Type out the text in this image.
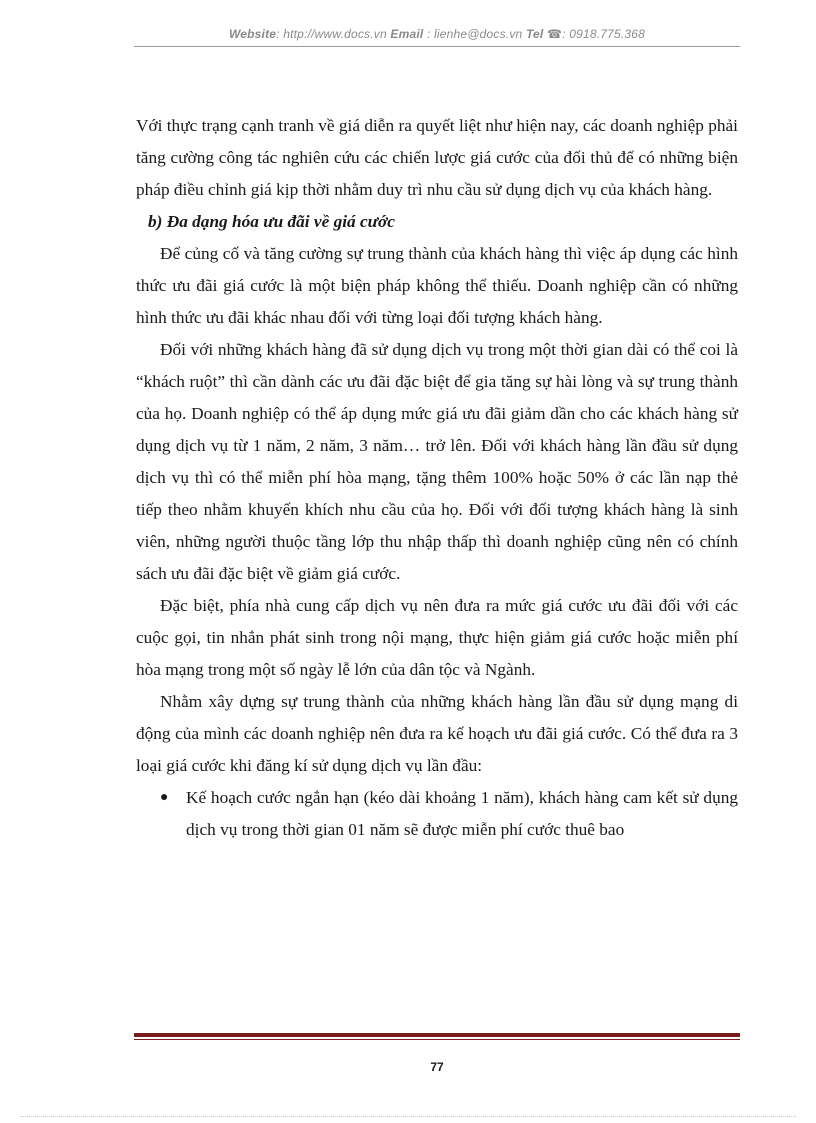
Website: http://www.docs.vn Email : lienhe@docs.vn Tel ☎: 0918.775.368

Với thực trạng cạnh tranh về giá diễn ra quyết liệt như hiện nay, các doanh nghiệp phải tăng cường công tác nghiên cứu các chiến lược giá cước của đối thủ để có những biện pháp điều chỉnh giá kịp thời nhằm duy trì nhu cầu sử dụng dịch vụ của khách hàng.

b) Đa dạng hóa ưu đãi về giá cước

Để củng cố và tăng cường sự trung thành của khách hàng thì việc áp dụng các hình thức ưu đãi giá cước là một biện pháp không thể thiếu. Doanh nghiệp cần có những hình thức ưu đãi khác nhau đối với từng loại đối tượng khách hàng.

Đối với những khách hàng đã sử dụng dịch vụ trong một thời gian dài có thể coi là “khách ruột” thì cần dành các ưu đãi đặc biệt để gia tăng sự hài lòng và sự trung thành của họ. Doanh nghiệp có thể áp dụng mức giá ưu đãi giảm dần cho các khách hàng sử dụng dịch vụ từ 1 năm, 2 năm, 3 năm… trở lên. Đối với khách hàng lần đầu sử dụng dịch vụ thì có thể miễn phí hòa mạng, tặng thêm 100% hoặc 50% ở các lần nạp thẻ tiếp theo nhằm khuyến khích nhu cầu của họ. Đối với đối tượng khách hàng là sinh viên, những người thuộc tầng lớp thu nhập thấp thì doanh nghiệp cũng nên có chính sách ưu đãi đặc biệt về giảm giá cước.

Đặc biệt, phía nhà cung cấp dịch vụ nên đưa ra mức giá cước ưu đãi đối với các cuộc gọi, tin nhắn phát sinh trong nội mạng, thực hiện giảm giá cước hoặc miễn phí hòa mạng trong một số ngày lễ lớn của dân tộc và Ngành.

Nhằm xây dựng sự trung thành của những khách hàng lần đầu sử dụng mạng di động của mình các doanh nghiệp nên đưa ra kế hoạch ưu đãi giá cước. Có thể đưa ra 3 loại giá cước khi đăng kí sử dụng dịch vụ lần đầu:

● Kế hoạch cước ngắn hạn (kéo dài khoảng 1 năm), khách hàng cam kết sử dụng dịch vụ trong thời gian 01 năm sẽ được miễn phí cước thuê bao
77
